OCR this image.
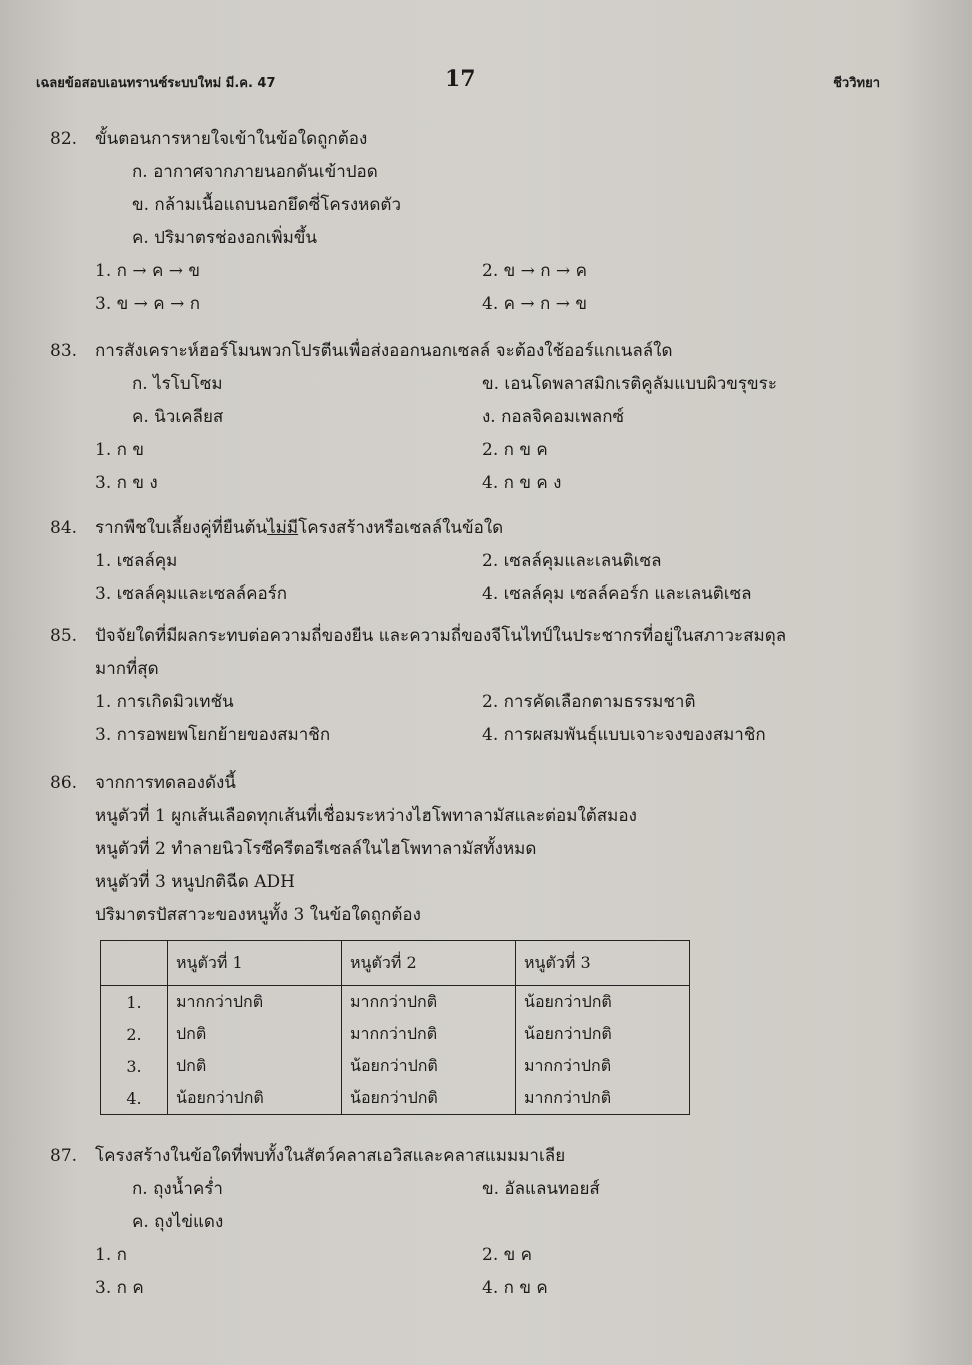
เฉลยข้อสอบเอนทรานซ์ระบบใหม่ มี.ค. 47	17	ชีววิทยา
82. ขั้นตอนการหายใจเข้าในข้อใดถูกต้อง
ก. อากาศจากภายนอกดันเข้าปอด
ข. กล้ามเนื้อแถบนอกยึดซี่โครงหดตัว
ค. ปริมาตรช่องอกเพิ่มขึ้น
1. ก → ค → ข	2. ข → ก → ค
3. ข → ค → ก	4. ค → ก → ข
83. การสังเคราะห์ฮอร์โมนพวกโปรตีนเพื่อส่งออกนอกเซลล์ จะต้องใช้ออร์แกเนลล์ใด
ก. ไรโบโซม	ข. เอนโดพลาสมิกเรติคูลัมแบบผิวขรุขระ
ค. นิวเคลียส	ง. กอลจิคอมเพลกซ์
1. ก ข	2. ก ข ค
3. ก ข ง	4. ก ข ค ง
84. รากพืชใบเลี้ยงคู่ที่ยืนต้นไม่มีโครงสร้างหรือเซลล์ในข้อใด
1. เซลล์คุม	2. เซลล์คุมและเลนติเซล
3. เซลล์คุมและเซลล์คอร์ก	4. เซลล์คุม เซลล์คอร์ก และเลนติเซล
85. ปัจจัยใดที่มีผลกระทบต่อความถี่ของยีน และความถี่ของจีโนไทป์ในประชากรที่อยู่ในสภาวะสมดุล
มากที่สุด
1. การเกิดมิวเทชัน	2. การคัดเลือกตามธรรมชาติ
3. การอพยพโยกย้ายของสมาชิก	4. การผสมพันธุ์แบบเจาะจงของสมาชิก
86. จากการทดลองดังนี้
หนูตัวที่ 1 ผูกเส้นเลือดทุกเส้นที่เชื่อมระหว่างไฮโพทาลามัสและต่อมใต้สมอง
หนูตัวที่ 2 ทำลายนิวโรซีครีตอรีเซลล์ในไฮโพทาลามัสทั้งหมด
หนูตัวที่ 3 หนูปกติฉีด ADH
ปริมาตรปัสสาวะของหนูทั้ง 3 ในข้อใดถูกต้อง
	หนูตัวที่ 1	หนูตัวที่ 2	หนูตัวที่ 3
1.	มากกว่าปกติ	มากกว่าปกติ	น้อยกว่าปกติ
2.	ปกติ	มากกว่าปกติ	น้อยกว่าปกติ
3.	ปกติ	น้อยกว่าปกติ	มากกว่าปกติ
4.	น้อยกว่าปกติ	น้อยกว่าปกติ	มากกว่าปกติ
87. โครงสร้างในข้อใดที่พบทั้งในสัตว์คลาสเอวิสและคลาสแมมมาเลีย
ก. ถุงน้ำคร่ำ	ข. อัลแลนทอยส์
ค. ถุงไข่แดง
1. ก	2. ข ค
3. ก ค	4. ก ข ค
